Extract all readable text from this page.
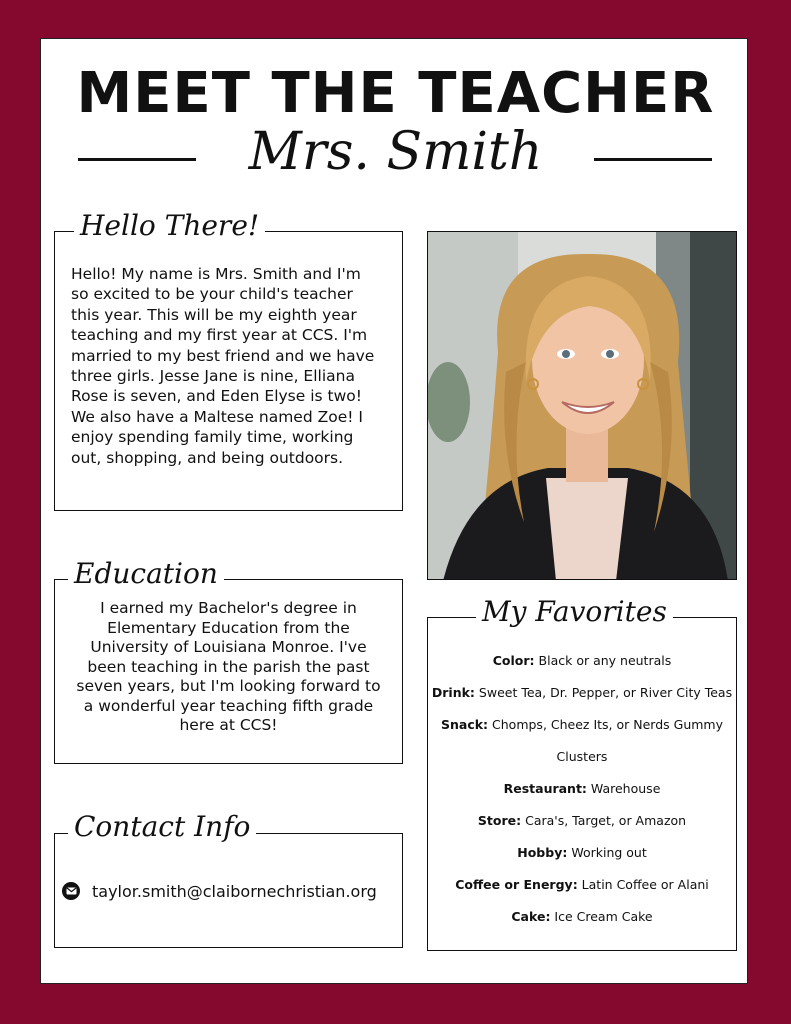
MEET THE TEACHER
Mrs. Smith
Hello There!
Hello! My name is Mrs. Smith and I'm
so excited to be your child's teacher
this year. This will be my eighth year
teaching and my first year at CCS. I'm
married to my best friend and we have
three girls. Jesse Jane is nine, Elliana
Rose is seven, and Eden Elyse is two!
We also have a Maltese named Zoe! I
enjoy spending family time, working
out, shopping, and being outdoors.
Education
I earned my Bachelor's degree in
Elementary Education from the
University of Louisiana Monroe. I've
been teaching in the parish the past
seven years, but I'm looking forward to
a wonderful year teaching fifth grade
here at CCS!
Contact Info
taylor.smith@claibornechristian.org
My Favorites
Color: Black or any neutrals
Drink: Sweet Tea, Dr. Pepper, or River City Teas
Snack: Chomps, Cheez Its, or Nerds Gummy
Clusters
Restaurant: Warehouse
Store: Cara's, Target, or Amazon
Hobby: Working out
Coffee or Energy: Latin Coffee or Alani
Cake: Ice Cream Cake
